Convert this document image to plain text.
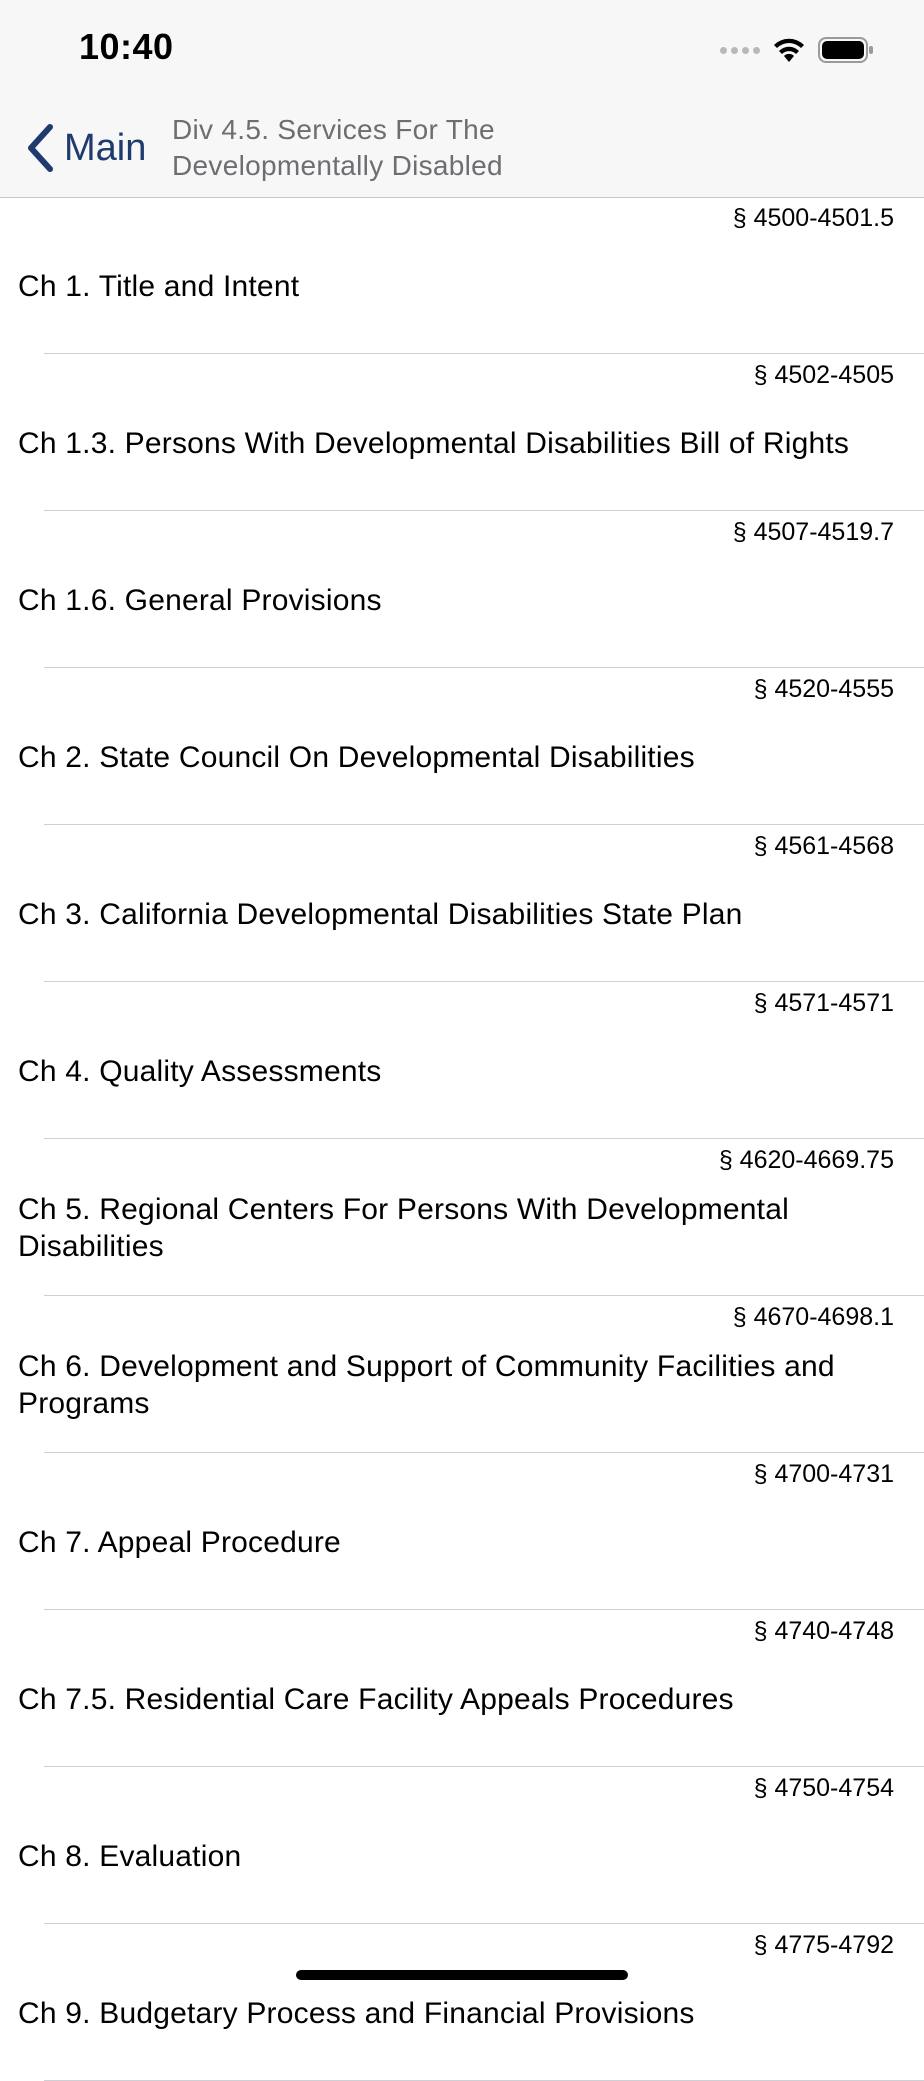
10:40
Main Div 4.5. Services For The
Developmentally Disabled
§ 4500-4501.5
Ch 1. Title and Intent
§ 4502-4505
Ch 1.3. Persons With Developmental Disabilities Bill of Rights
§ 4507-4519.7
Ch 1.6. General Provisions
§ 4520-4555
Ch 2. State Council On Developmental Disabilities
§ 4561-4568
Ch 3. California Developmental Disabilities State Plan
§ 4571-4571
Ch 4. Quality Assessments
§ 4620-4669.75
Ch 5. Regional Centers For Persons With Developmental Disabilities
§ 4670-4698.1
Ch 6. Development and Support of Community Facilities and Programs
§ 4700-4731
Ch 7. Appeal Procedure
§ 4740-4748
Ch 7.5. Residential Care Facility Appeals Procedures
§ 4750-4754
Ch 8. Evaluation
§ 4775-4792
Ch 9. Budgetary Process and Financial Provisions
